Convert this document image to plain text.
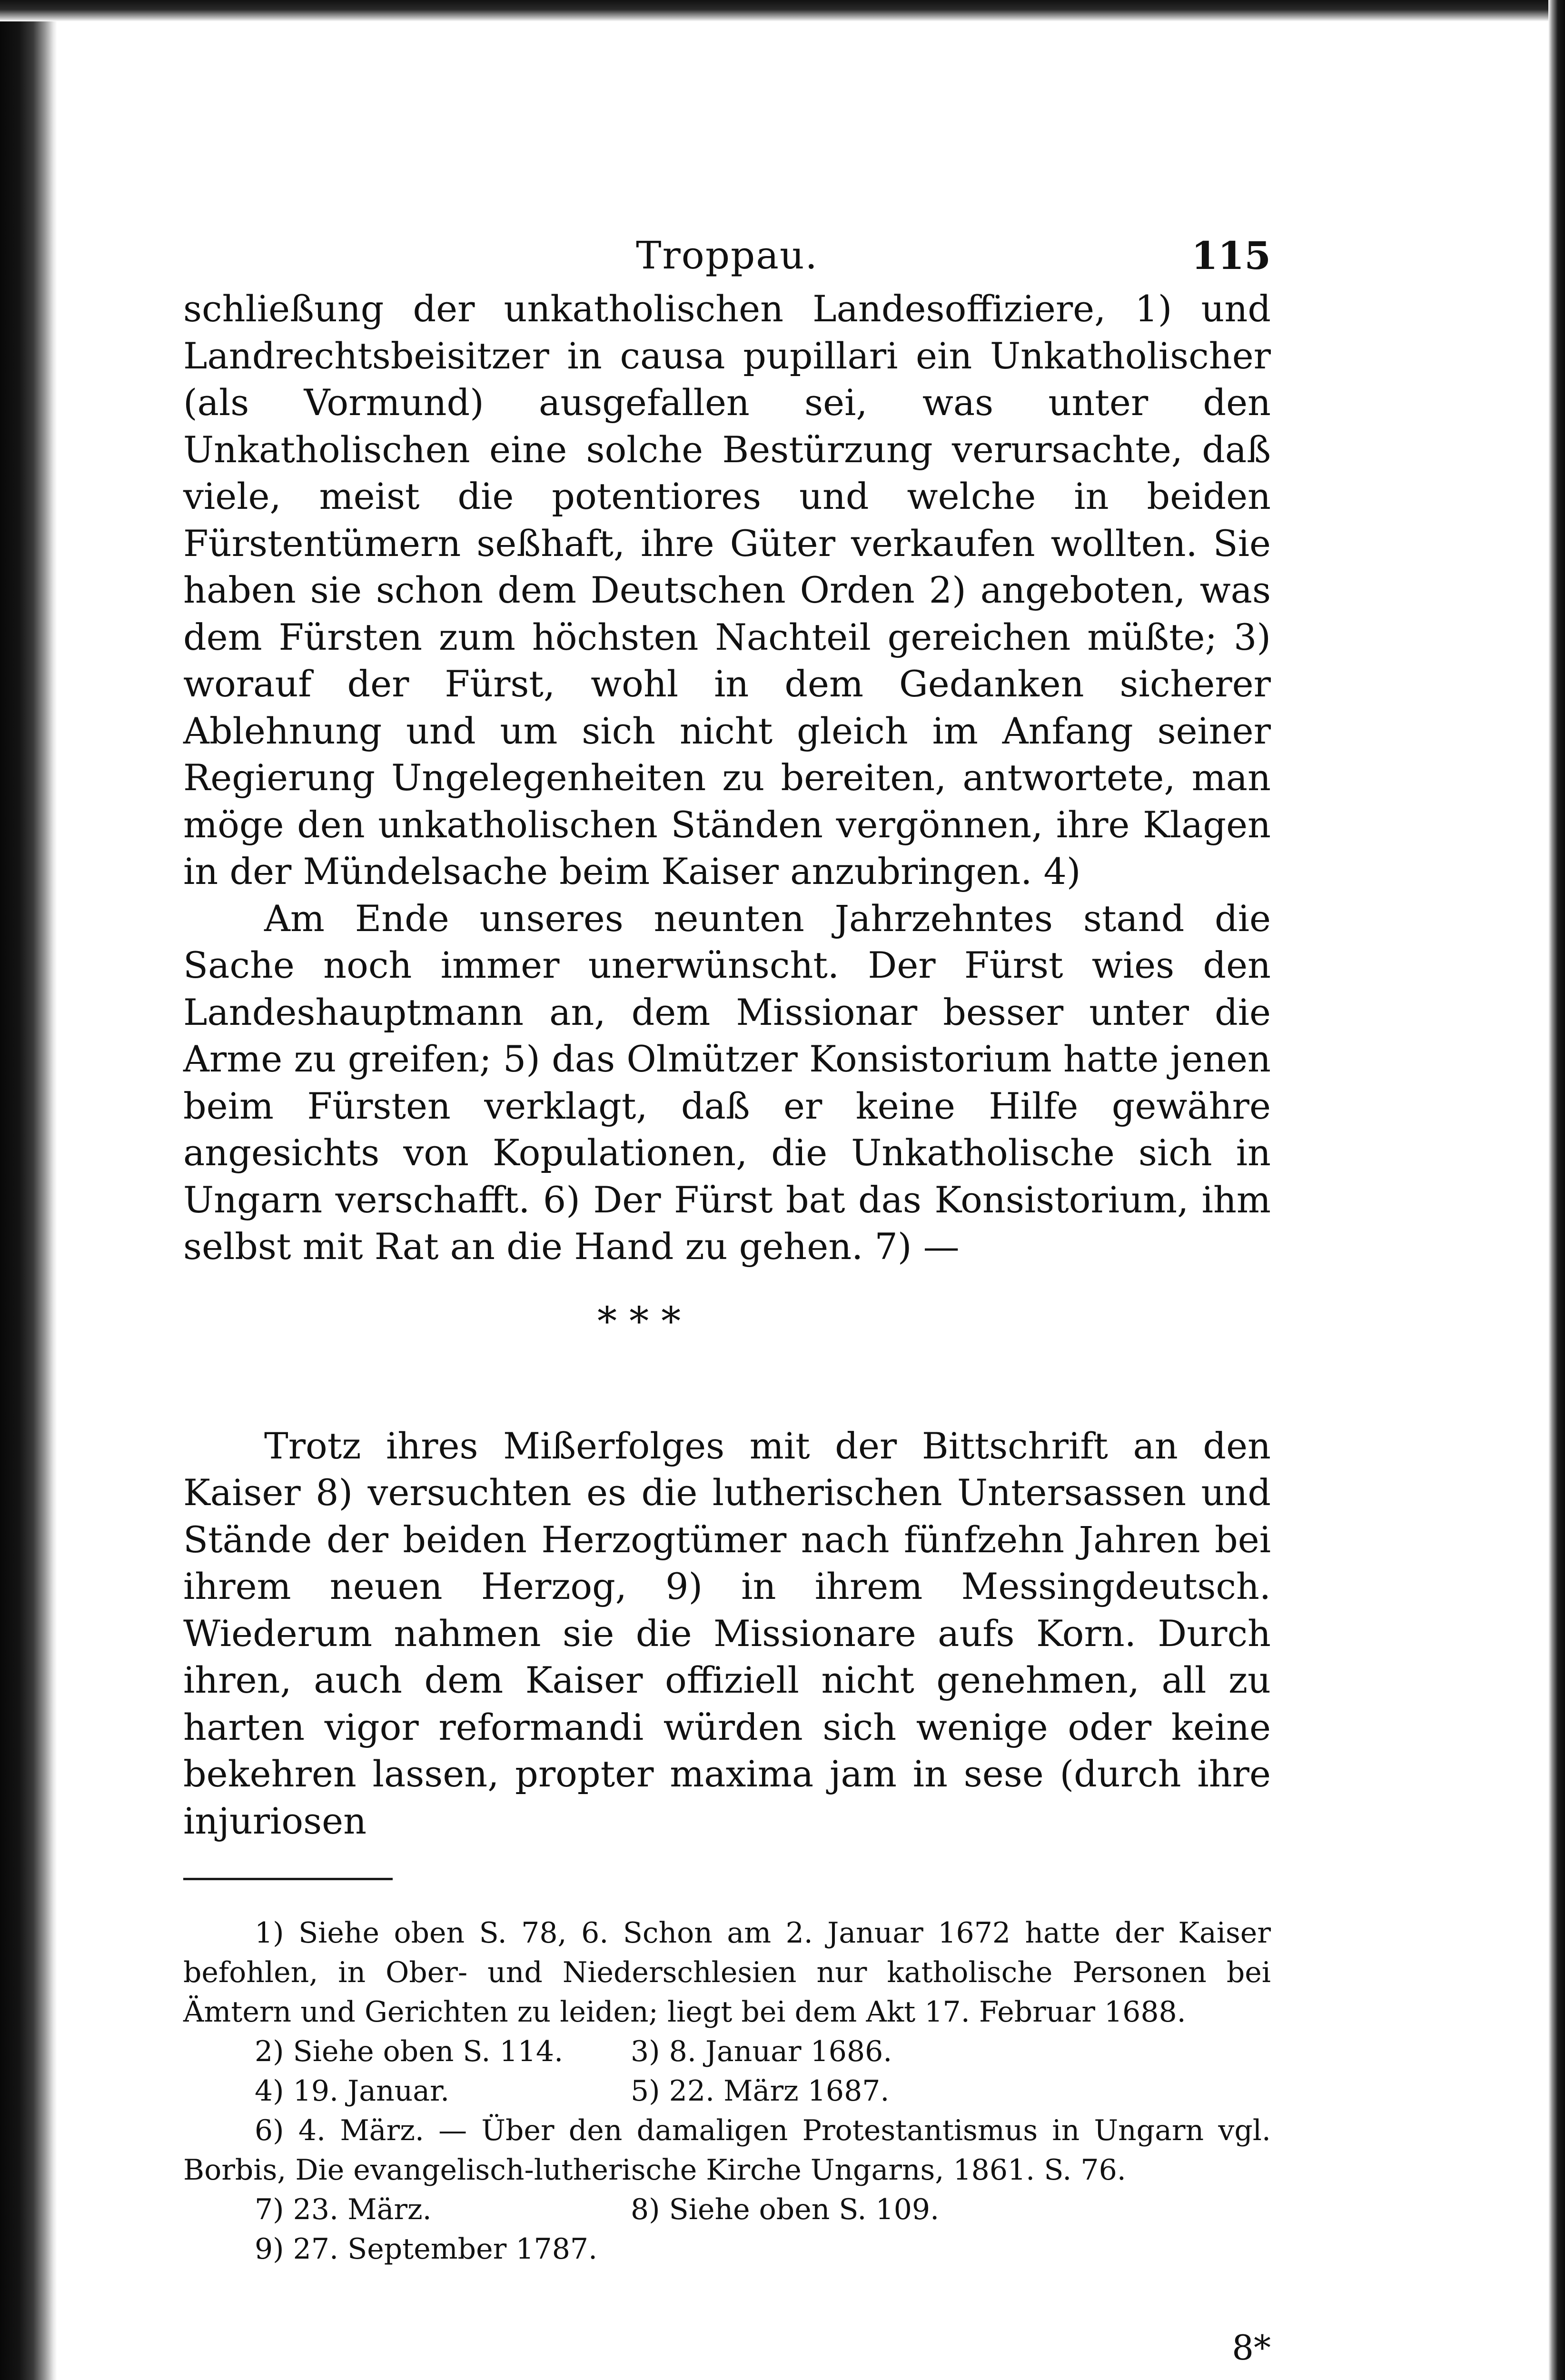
Troppau.	115

schließung der unkatholischen Landesoffiziere, 1) und Landrechtsbeisitzer in causa pupillari ein Unkatholischer (als Vormund) ausgefallen sei, was unter den Unkatholischen eine solche Bestürzung verursachte, daß viele, meist die potentiores und welche in beiden Fürstentümern seßhaft, ihre Güter verkaufen wollten. Sie haben sie schon dem Deutschen Orden 2) angeboten, was dem Fürsten zum höchsten Nachteil gereichen müßte; 3) worauf der Fürst, wohl in dem Gedanken sicherer Ablehnung und um sich nicht gleich im Anfang seiner Regierung Ungelegenheiten zu bereiten, antwortete, man möge den unkatholischen Ständen vergönnen, ihre Klagen in der Mündelsache beim Kaiser anzubringen. 4)

Am Ende unseres neunten Jahrzehntes stand die Sache noch immer unerwünscht. Der Fürst wies den Landeshauptmann an, dem Missionar besser unter die Arme zu greifen; 5) das Olmützer Konsistorium hatte jenen beim Fürsten verklagt, daß er keine Hilfe gewähre angesichts von Kopulationen, die Unkatholische sich in Ungarn verschafft. 6) Der Fürst bat das Konsistorium, ihm selbst mit Rat an die Hand zu gehen. 7) —

* * *

Trotz ihres Mißerfolges mit der Bittschrift an den Kaiser 8) versuchten es die lutherischen Untersassen und Stände der beiden Herzogtümer nach fünfzehn Jahren bei ihrem neuen Herzog, 9) in ihrem Messingdeutsch. Wiederum nahmen sie die Missionare aufs Korn. Durch ihren, auch dem Kaiser offiziell nicht genehmen, all zu harten vigor reformandi würden sich wenige oder keine bekehren lassen, propter maxima jam in sese (durch ihre injuriosen

1) Siehe oben S. 78, 6. Schon am 2. Januar 1672 hatte der Kaiser befohlen, in Ober- und Niederschlesien nur katholische Personen bei Ämtern und Gerichten zu leiden; liegt bei dem Akt 17. Februar 1688.

2) Siehe oben S. 114.	3) 8. Januar 1686.
4) 19. Januar.	5) 22. März 1687.

6) 4. März. — Über den damaligen Protestantismus in Ungarn vgl. Borbis, Die evangelisch-lutherische Kirche Ungarns, 1861. S. 76.

7) 23. März.	8) Siehe oben S. 109.
9) 27. September 1787.
8*
